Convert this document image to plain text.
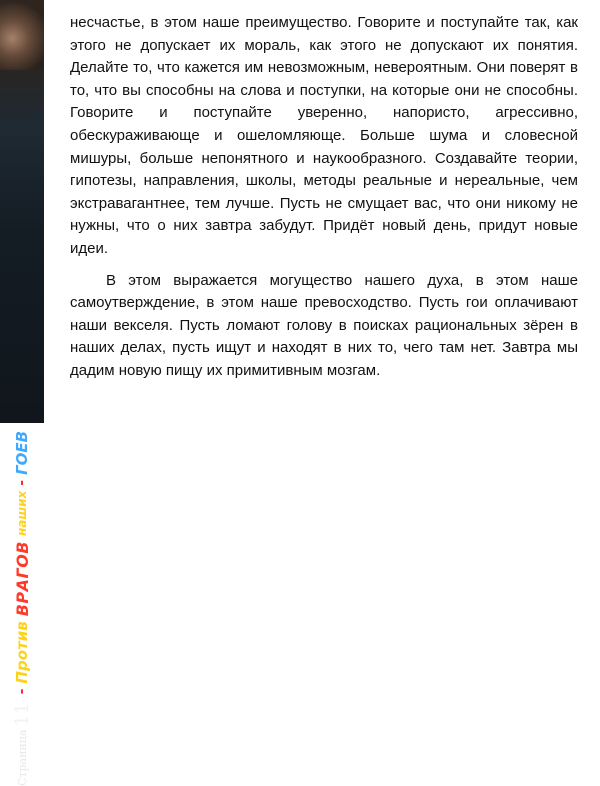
Страница
11
-
Против
ВРАГОВ
наших
-
ГОЕВ

несчастье, в этом наше преимущество. Говорите и поступайте так, как этого не допускает их мораль, как этого не допускают их понятия. Делайте то, что кажется им невозможным, невероятным. Они поверят в то, что вы способны на слова и поступки, на которые они не способны. Говорите и поступайте уверенно, напористо, агрессивно, обескураживающе и ошеломляюще. Больше шума и словесной мишуры, больше непонятного и наукообразного. Создавайте теории, гипотезы, направления, школы, методы реальные и нереальные, чем экстравагантнее, тем лучше. Пусть не смущает вас, что они никому не нужны, что о них завтра забудут. Придёт новый день, придут новые идеи.

В этом выражается могущество нашего духа, в этом наше самоутверждение, в этом наше превосходство. Пусть гои оплачивают наши векселя. Пусть ломают голову в поисках рациональных зёрен в наших делах, пусть ищут и находят в них то, чего там нет. Завтра мы дадим новую пищу их примитивным мозгам.
